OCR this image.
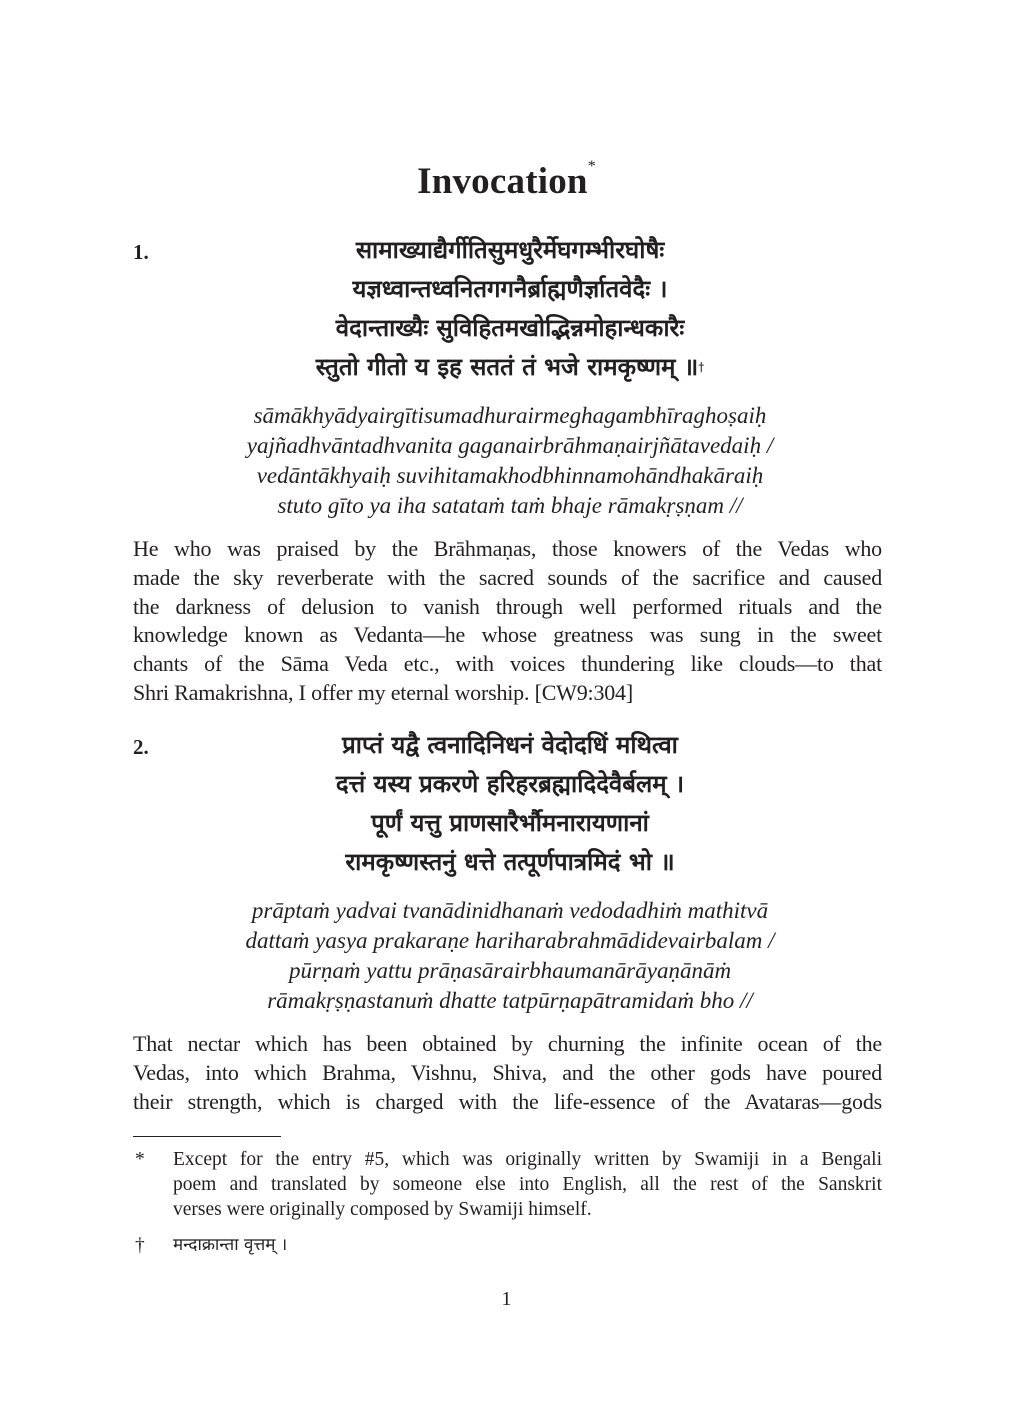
Invocation*
1.	सामाख्याद्यैर्गीतिसुमधुरैर्मेघगम्भीरघोषैः
यज्ञध्वान्तध्वनितगगनैर्ब्राह्मणैर्ज्ञातवेदैः ।
वेदान्ताख्यैः सुविहितमखोद्भिन्नमोहान्धकारैः
स्तुतो गीतो य इह सततं तं भजे रामकृष्णम् ॥†
sāmākhyādyairgītisumadhurairmeghagambhīraghoṣaiḥ
yajñadhvāntadhvanita gaganairbrāhmaṇairjñātavedaiḥ /
vedāntākhyaiḥ suvihitamakhodbhinnamohāndhakāraiḥ
stuto gīto ya iha satataṁ taṁ bhaje rāmakṛṣṇam //
He who was praised by the Brāhmaṇas, those knowers of the Vedas who
made the sky reverberate with the sacred sounds of the sacrifice and caused
the darkness of delusion to vanish through well performed rituals and the
knowledge known as Vedanta—he whose greatness was sung in the sweet
chants of the Sāma Veda etc., with voices thundering like clouds—to that
Shri Ramakrishna, I offer my eternal worship. [CW9:304]
2.	प्राप्तं यद्वै त्वनादिनिधनं वेदोदधिं मथित्वा
दत्तं यस्य प्रकरणे हरिहरब्रह्मादिदेवैर्बलम् ।
पूर्णं यत्तु प्राणसारैर्भौमनारायणानां
रामकृष्णस्तनुं धत्ते तत्पूर्णपात्रमिदं भो ॥
prāptaṁ yadvai tvanādinidhanaṁ vedodadhiṁ mathitvā
dattaṁ yasya prakaraṇe hariharabrahmādidevairbalam /
pūrṇaṁ yattu prāṇasārairbhaumanārāyaṇānāṁ
rāmakṛṣṇastanuṁ dhatte tatpūrṇapātramidaṁ bho //
That nectar which has been obtained by churning the infinite ocean of the
Vedas, into which Brahma, Vishnu, Shiva, and the other gods have poured
their strength, which is charged with the life-essence of the Avataras—gods
* Except for the entry #5, which was originally written by Swamiji in a Bengali
poem and translated by someone else into English, all the rest of the Sanskrit
verses were originally composed by Swamiji himself.
† मन्दाक्रान्ता वृत्तम् ।
1
